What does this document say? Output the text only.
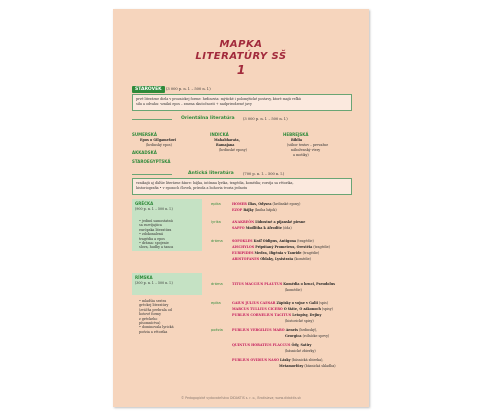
MAPKA
LITERATÚRY SŠ
1
STAROVEK	(3 000 p. n. l. – 500 n. l.)
prvé literárne diela v prozaickej forme: hrdinovia: mýtické i polomýtické postavy, ktoré majú veľkú
silu a odvahu: vznikú epos – zmena skutočnosti + nadprirodzené javy
Orientálna literatúra (3 000 p. n. l. – 500 n. l.)
SUMERSKÁ
Epos o Gilgamešovi
(hrdinský epos)
AKKADSKÁ
STAROEGYPTSKÁ
INDICKÁ
Mahabharata,
Ramajana
(hrdinské eposy)
HEBREJSKÁ
Biblia
(súbor textov – prevažne
náboženský vtery
a motiky)
Antická literatúra	(700 p. n. l. – 500 n. l.)
vznikajú aj ďalšie literárne žánre: bájka, intímna lyrika, tragédia, komédia; rozvíja sa rétorika,
historiografia • v eposoch človek, príroda a bohovia tvoria jednotu
GRÉCKA
(900 p. n. l. – 500 n. l.)
• jedinú samostatnú
sa rozvíjajúca
európska literatúra
• zdokonalená
tragédia a epos
• dráma: spojenie
slova, hudby a tanca
RÍMSKA
(300 p. n. l. – 500 n. l.)
• mladšia sestra
gréckej literatúry
(zväčša prebrala od
hotové formy
z gréckeho
písomníctva)
• dominovala lyrická
poézia a rétorika
epika
lyrika
dráma
dráma
epika
poézia
HOMER Ilias, Odysea (hrdinské eposy)
EZOP Bájky (kniha bájok)
ANAKREÓN Ľúbostné a pijanské piesne
SAPFO Modlitba k Afrodite (óda)
SOFOKLES Kráľ Oidipus, Antigona (tragédie)
AISCHYLOS Pripútaný Prometeus, Orestéia (tragédie)
EURIPIDES Medea, Ifigénia v Tauride (tragédie)
ARISTOFANES Oblaky, Lysistrata (komédie)
TITUS MACCIUS PLAUTUS Komédia o hrnci, Pseudolus
(komédie)
GAIUS JULIUS CAESAR Zápisky o vojne v Galii (spis)
MARCUS TULLIUS CICERO O štáte, O zákonoch (spisy)
PUBLIUS CORNELIUS TACITUS Letopisy, Dejiny
(historické spisy)
PUBLIUS VERGILIUS MARO Aeneis (hrdinský),
Georgica (roľnícke spevy)
QUINTUS HORATIUS FLACCUS Ódy, Satiry
(básnické zbierky)
PUBLIUS OVIDIUS NASO Lásky (básnická zbierka),
Metamorfózy (básnická skladba)
© Pedagogické vydavateľstvo DIDAKTIS s. r. o., Bratislava; www.didaktis.sk
